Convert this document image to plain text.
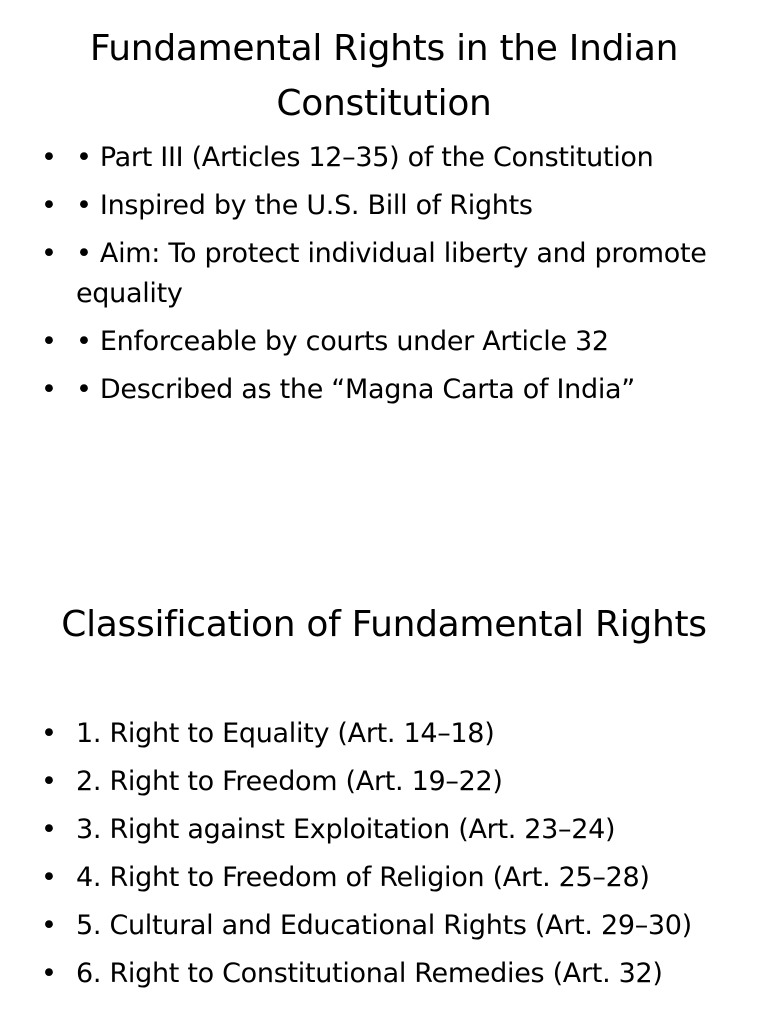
Fundamental Rights in the Indian Constitution
• • Part III (Articles 12–35) of the Constitution
• • Inspired by the U.S. Bill of Rights
• • Aim: To protect individual liberty and promote equality
• • Enforceable by courts under Article 32
• • Described as the “Magna Carta of India”
Classification of Fundamental Rights
• 1. Right to Equality (Art. 14–18)
• 2. Right to Freedom (Art. 19–22)
• 3. Right against Exploitation (Art. 23–24)
• 4. Right to Freedom of Religion (Art. 25–28)
• 5. Cultural and Educational Rights (Art. 29–30)
• 6. Right to Constitutional Remedies (Art. 32)
